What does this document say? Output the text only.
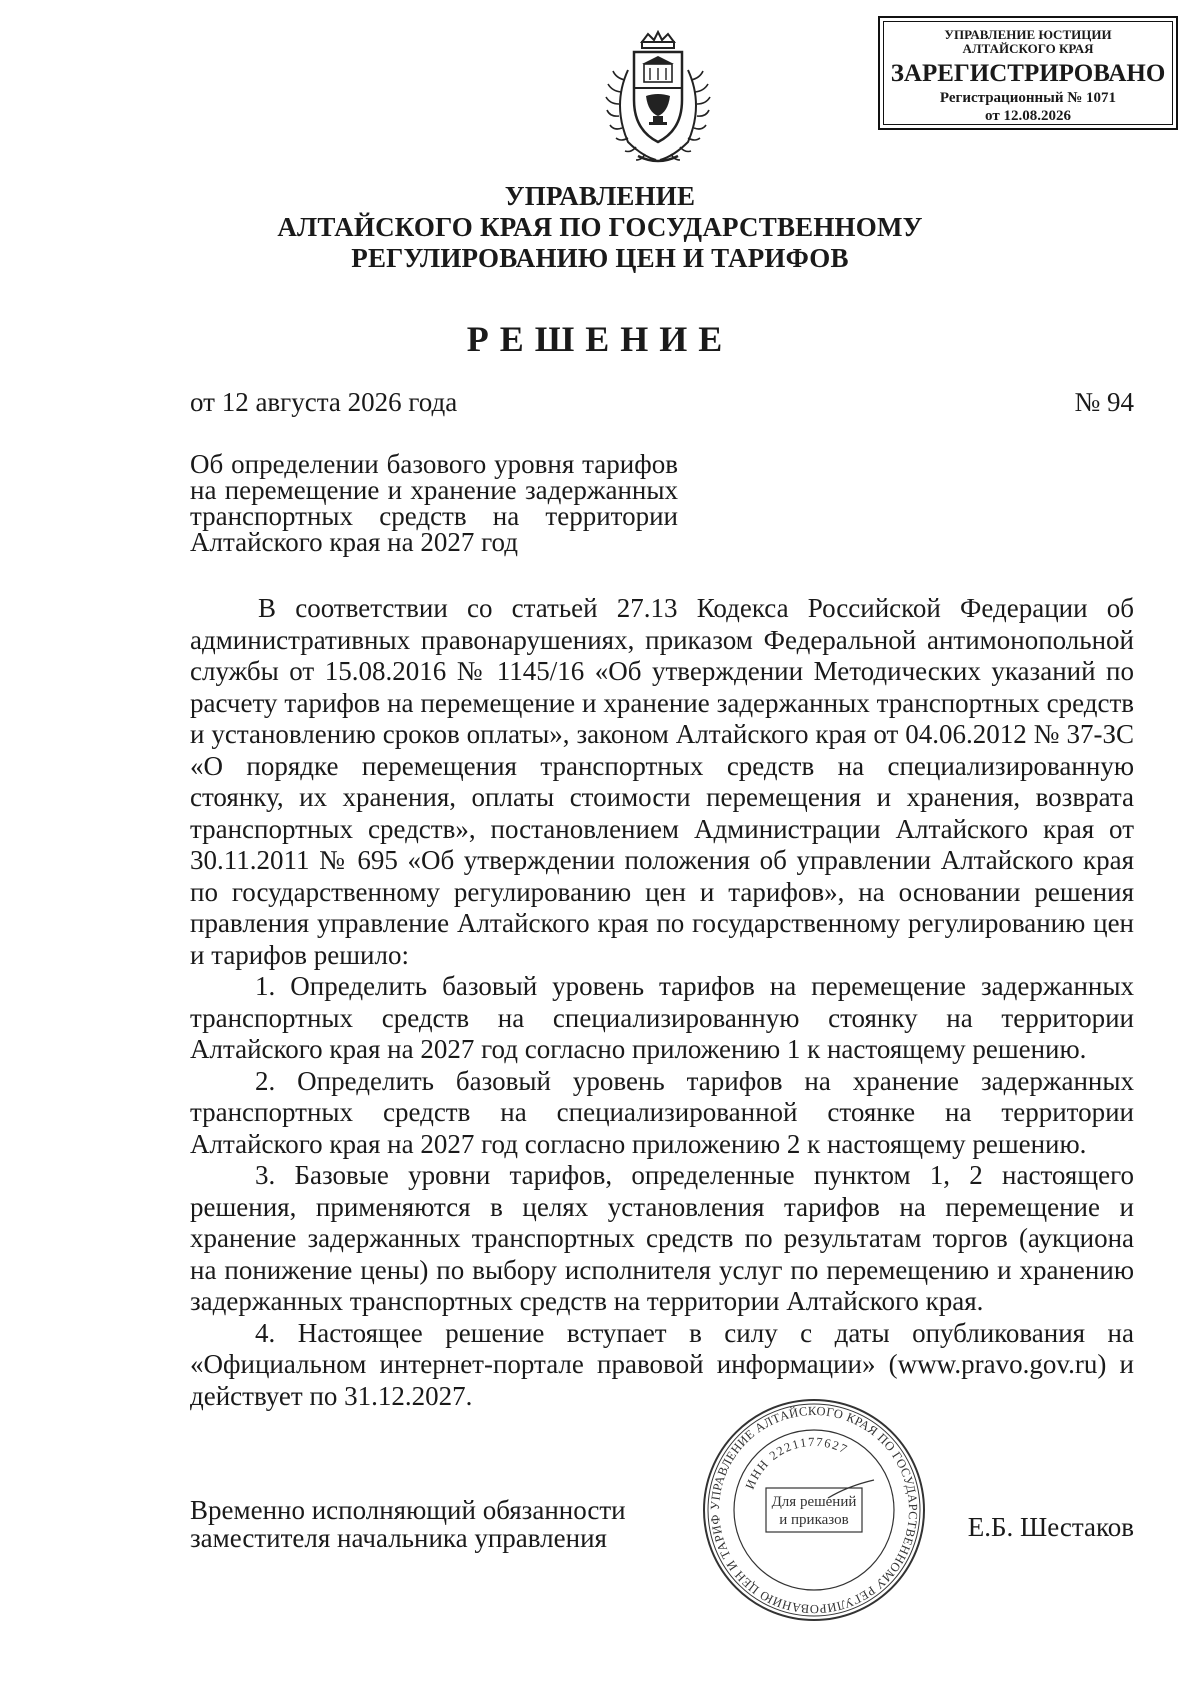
УПРАВЛЕНИЕ ЮСТИЦИИ
АЛТАЙСКОГО КРАЯ
ЗАРЕГИСТРИРОВАНО
Регистрационный № 1071
от 12.08.2026
УПРАВЛЕНИЕ
АЛТАЙСКОГО КРАЯ ПО ГОСУДАРСТВЕННОМУ
РЕГУЛИРОВАНИЮ ЦЕН И ТАРИФОВ
РЕШЕНИЕ
от 12 августа 2026 года	№ 94
Об определении базового уровня тарифов
на перемещение и хранение задержанных
транспортных средств на территории
Алтайского края на 2027 год

В соответствии со статьей 27.13 Кодекса Российской Федерации об административных правонарушениях, приказом Федеральной антимонопольной службы от 15.08.2016 № 1145/16 «Об утверждении Методических указаний по расчету тарифов на перемещение и хранение задержанных транспортных средств и установлению сроков оплаты», законом Алтайского края от 04.06.2012 № 37-ЗС «О порядке перемещения транспортных средств на специализированную стоянку, их хранения, оплаты стоимости перемещения и хранения, возврата транспортных средств», постановлением Администрации Алтайского края от 30.11.2011 № 695 «Об утверждении положения об управлении Алтайского края по государственному регулированию цен и тарифов», на основании решения правления управление Алтайского края по государственному регулированию цен и тарифов решило:

1. Определить базовый уровень тарифов на перемещение задержанных транспортных средств на специализированную стоянку на территории Алтайского края на 2027 год согласно приложению 1 к настоящему решению.

2. Определить базовый уровень тарифов на хранение задержанных транспортных средств на специализированной стоянке на территории Алтайского края на 2027 год согласно приложению 2 к настоящему решению.

3. Базовые уровни тарифов, определенные пунктом 1, 2 настоящего решения, применяются в целях установления тарифов на перемещение и хранение задержанных транспортных средств по результатам торгов (аукциона на понижение цены) по выбору исполнителя услуг по перемещению и хранению задержанных транспортных средств на территории Алтайского края.

4. Настоящее решение вступает в силу с даты опубликования на «Официальном интернет-портале правовой информации» (www.pravo.gov.ru) и действует по 31.12.2027.

Временно исполняющий обязанности
заместителя начальника управления	Е.Б. Шестаков
УПРАВЛЕНИЕ АЛТАЙСКОГО КРАЯ ПО ГОСУДАРСТВЕННОМУ РЕГУЛИРОВАНИЮ ЦЕН И ТАРИФ
ИНН 2221177627
Для решений
и приказов
